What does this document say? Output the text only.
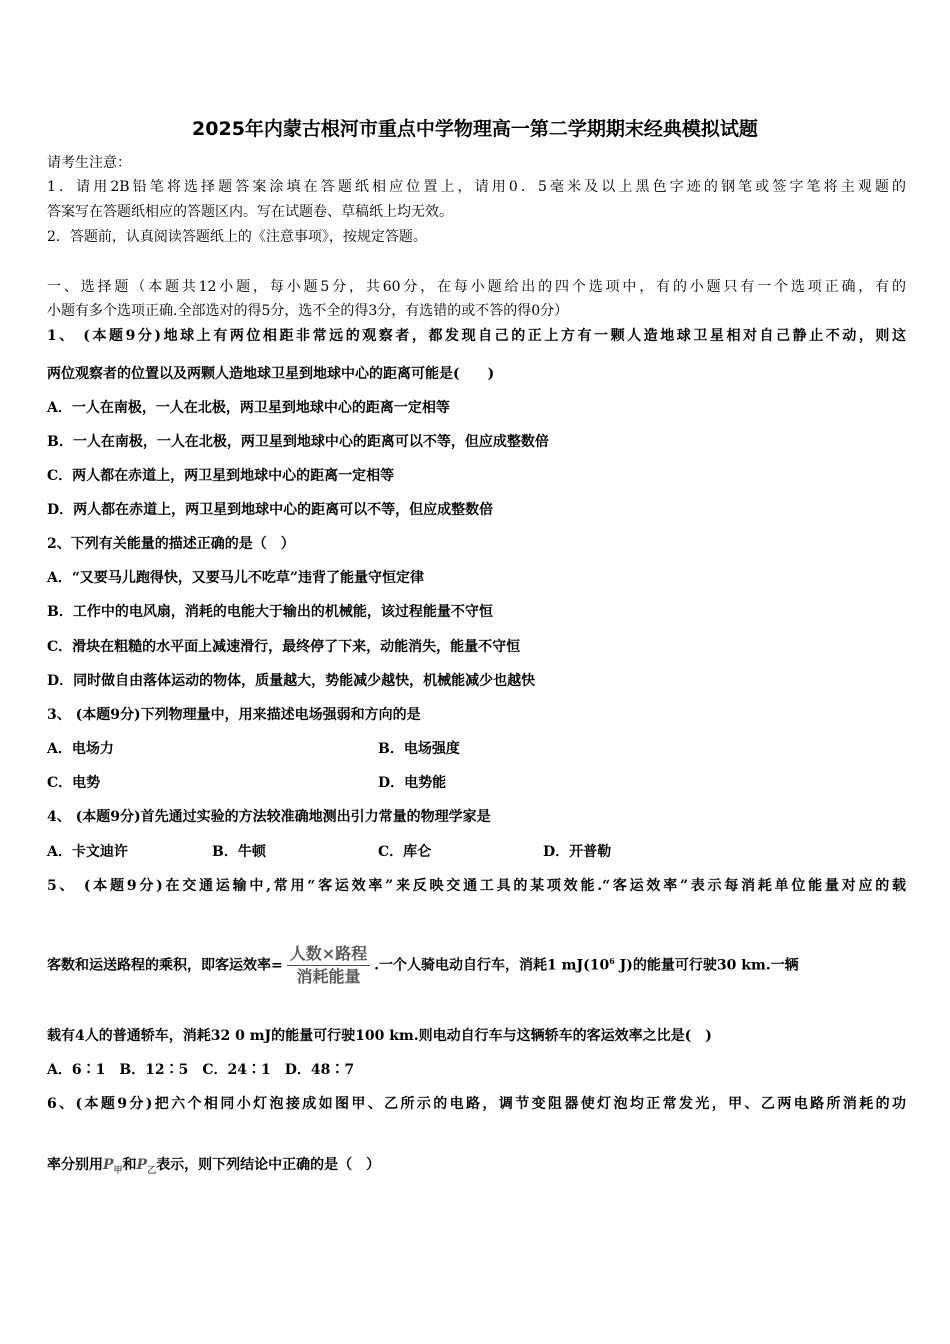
2025年内蒙古根河市重点中学物理高一第二学期期末经典模拟试题
请考生注意：
1．请用2B铅笔将选择题答案涂填在答题纸相应位置上，请用0．5毫米及以上黑色字迹的钢笔或签字笔将主观题的
答案写在答题纸相应的答题区内。写在试题卷、草稿纸上均无效。
2．答题前，认真阅读答题纸上的《注意事项》，按规定答题。
一、选择题（本题共12小题，每小题5分，共60分，在每小题给出的四个选项中，有的小题只有一个选项正确，有的
小题有多个选项正确.全部选对的得5分，选不全的得3分，有选错的或不答的得0分）
1、 (本题9分)地球上有两位相距非常远的观察者，都发现自己的正上方有一颗人造地球卫星相对自己静止不动，则这
两位观察者的位置以及两颗人造地球卫星到地球中心的距离可能是(　　)
A．一人在南极，一人在北极，两卫星到地球中心的距离一定相等
B．一人在南极，一人在北极，两卫星到地球中心的距离可以不等，但应成整数倍
C．两人都在赤道上，两卫星到地球中心的距离一定相等
D．两人都在赤道上，两卫星到地球中心的距离可以不等，但应成整数倍
2、下列有关能量的描述正确的是（　）
A．“又要马儿跑得快，又要马儿不吃草”违背了能量守恒定律
B．工作中的电风扇，消耗的电能大于输出的机械能，该过程能量不守恒
C．滑块在粗糙的水平面上减速滑行，最终停了下来，动能消失，能量不守恒
D．同时做自由落体运动的物体，质量越大，势能减少越快，机械能减少也越快
3、 (本题9分)下列物理量中，用来描述电场强弱和方向的是
A．电场力	B．电场强度
C．电势	D．电势能
4、 (本题9分)首先通过实验的方法较准确地测出引力常量的物理学家是
A．卡文迪许	B．牛顿	C．库仑	D．开普勒
5、 (本题9分)在交通运输中,常用“客运效率”来反映交通工具的某项效能.“客运效率”表示每消耗单位能量对应的载
客数和运送路程的乘积，即客运效率= $\frac{\text{人数×路程}}{\text{消耗能量}}$ .一个人骑电动自行车，消耗1 $mJ(10^6$ J)的能量可行驶30 km.一辆
载有4人的普通轿车，消耗32 0 mJ的能量可行驶100 km.则电动自行车与这辆轿车的客运效率之比是(　)
A．6∶1　B．12∶5　C．24∶1　D．48∶7
6、(本题9分)把六个相同小灯泡接成如图甲、乙所示的电路，调节变阻器使灯泡均正常发光，甲、乙两电路所消耗的功
率分别用$P_甲$和$P_乙$表示，则下列结论中正确的是（　）
